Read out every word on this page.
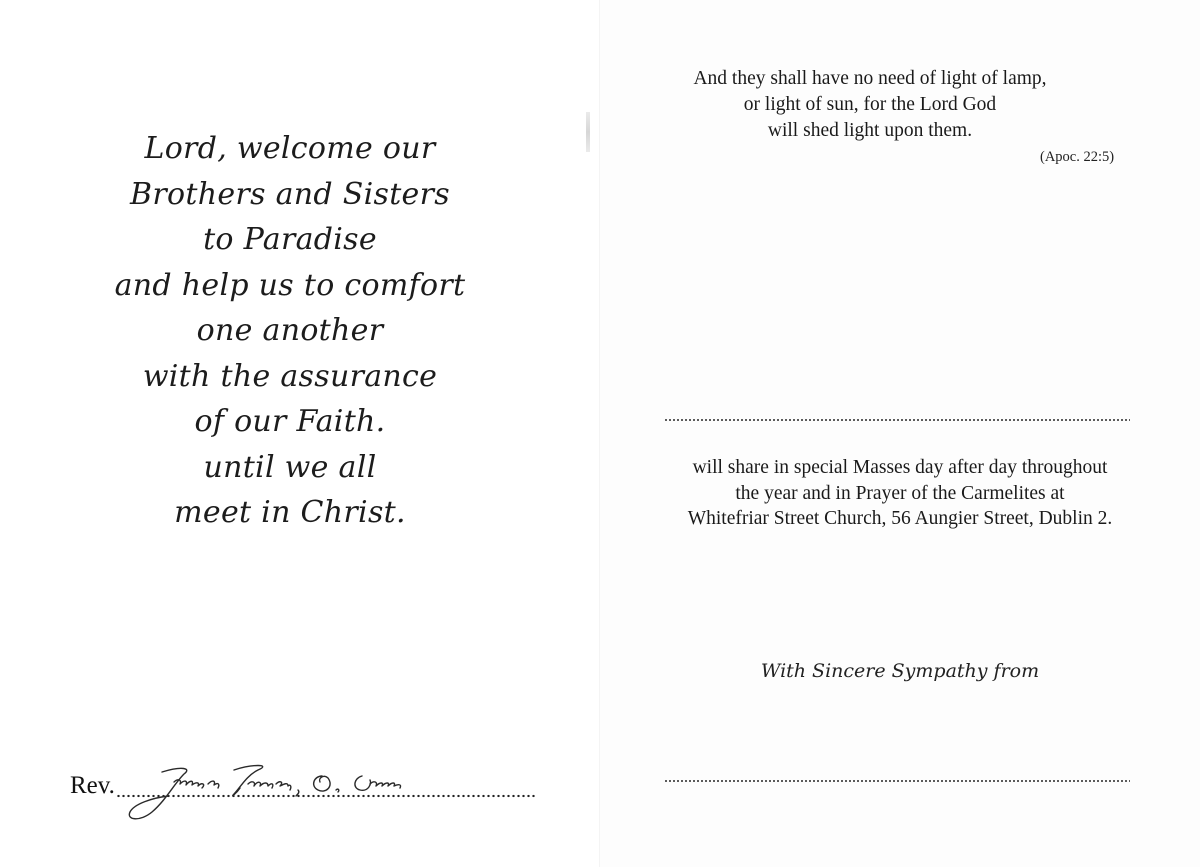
Lord, welcome our
Brothers and Sisters
to Paradise
and help us to comfort
one another
with the assurance
of our Faith.
until we all
meet in Christ.
Rev.
And they shall have no need of light of lamp,
or light of sun, for the Lord God
will shed light upon them.
(Apoc. 22:5)
will share in special Masses day after day throughout
the year and in Prayer of the Carmelites at
Whitefriar Street Church, 56 Aungier Street, Dublin 2.
With Sincere Sympathy from
